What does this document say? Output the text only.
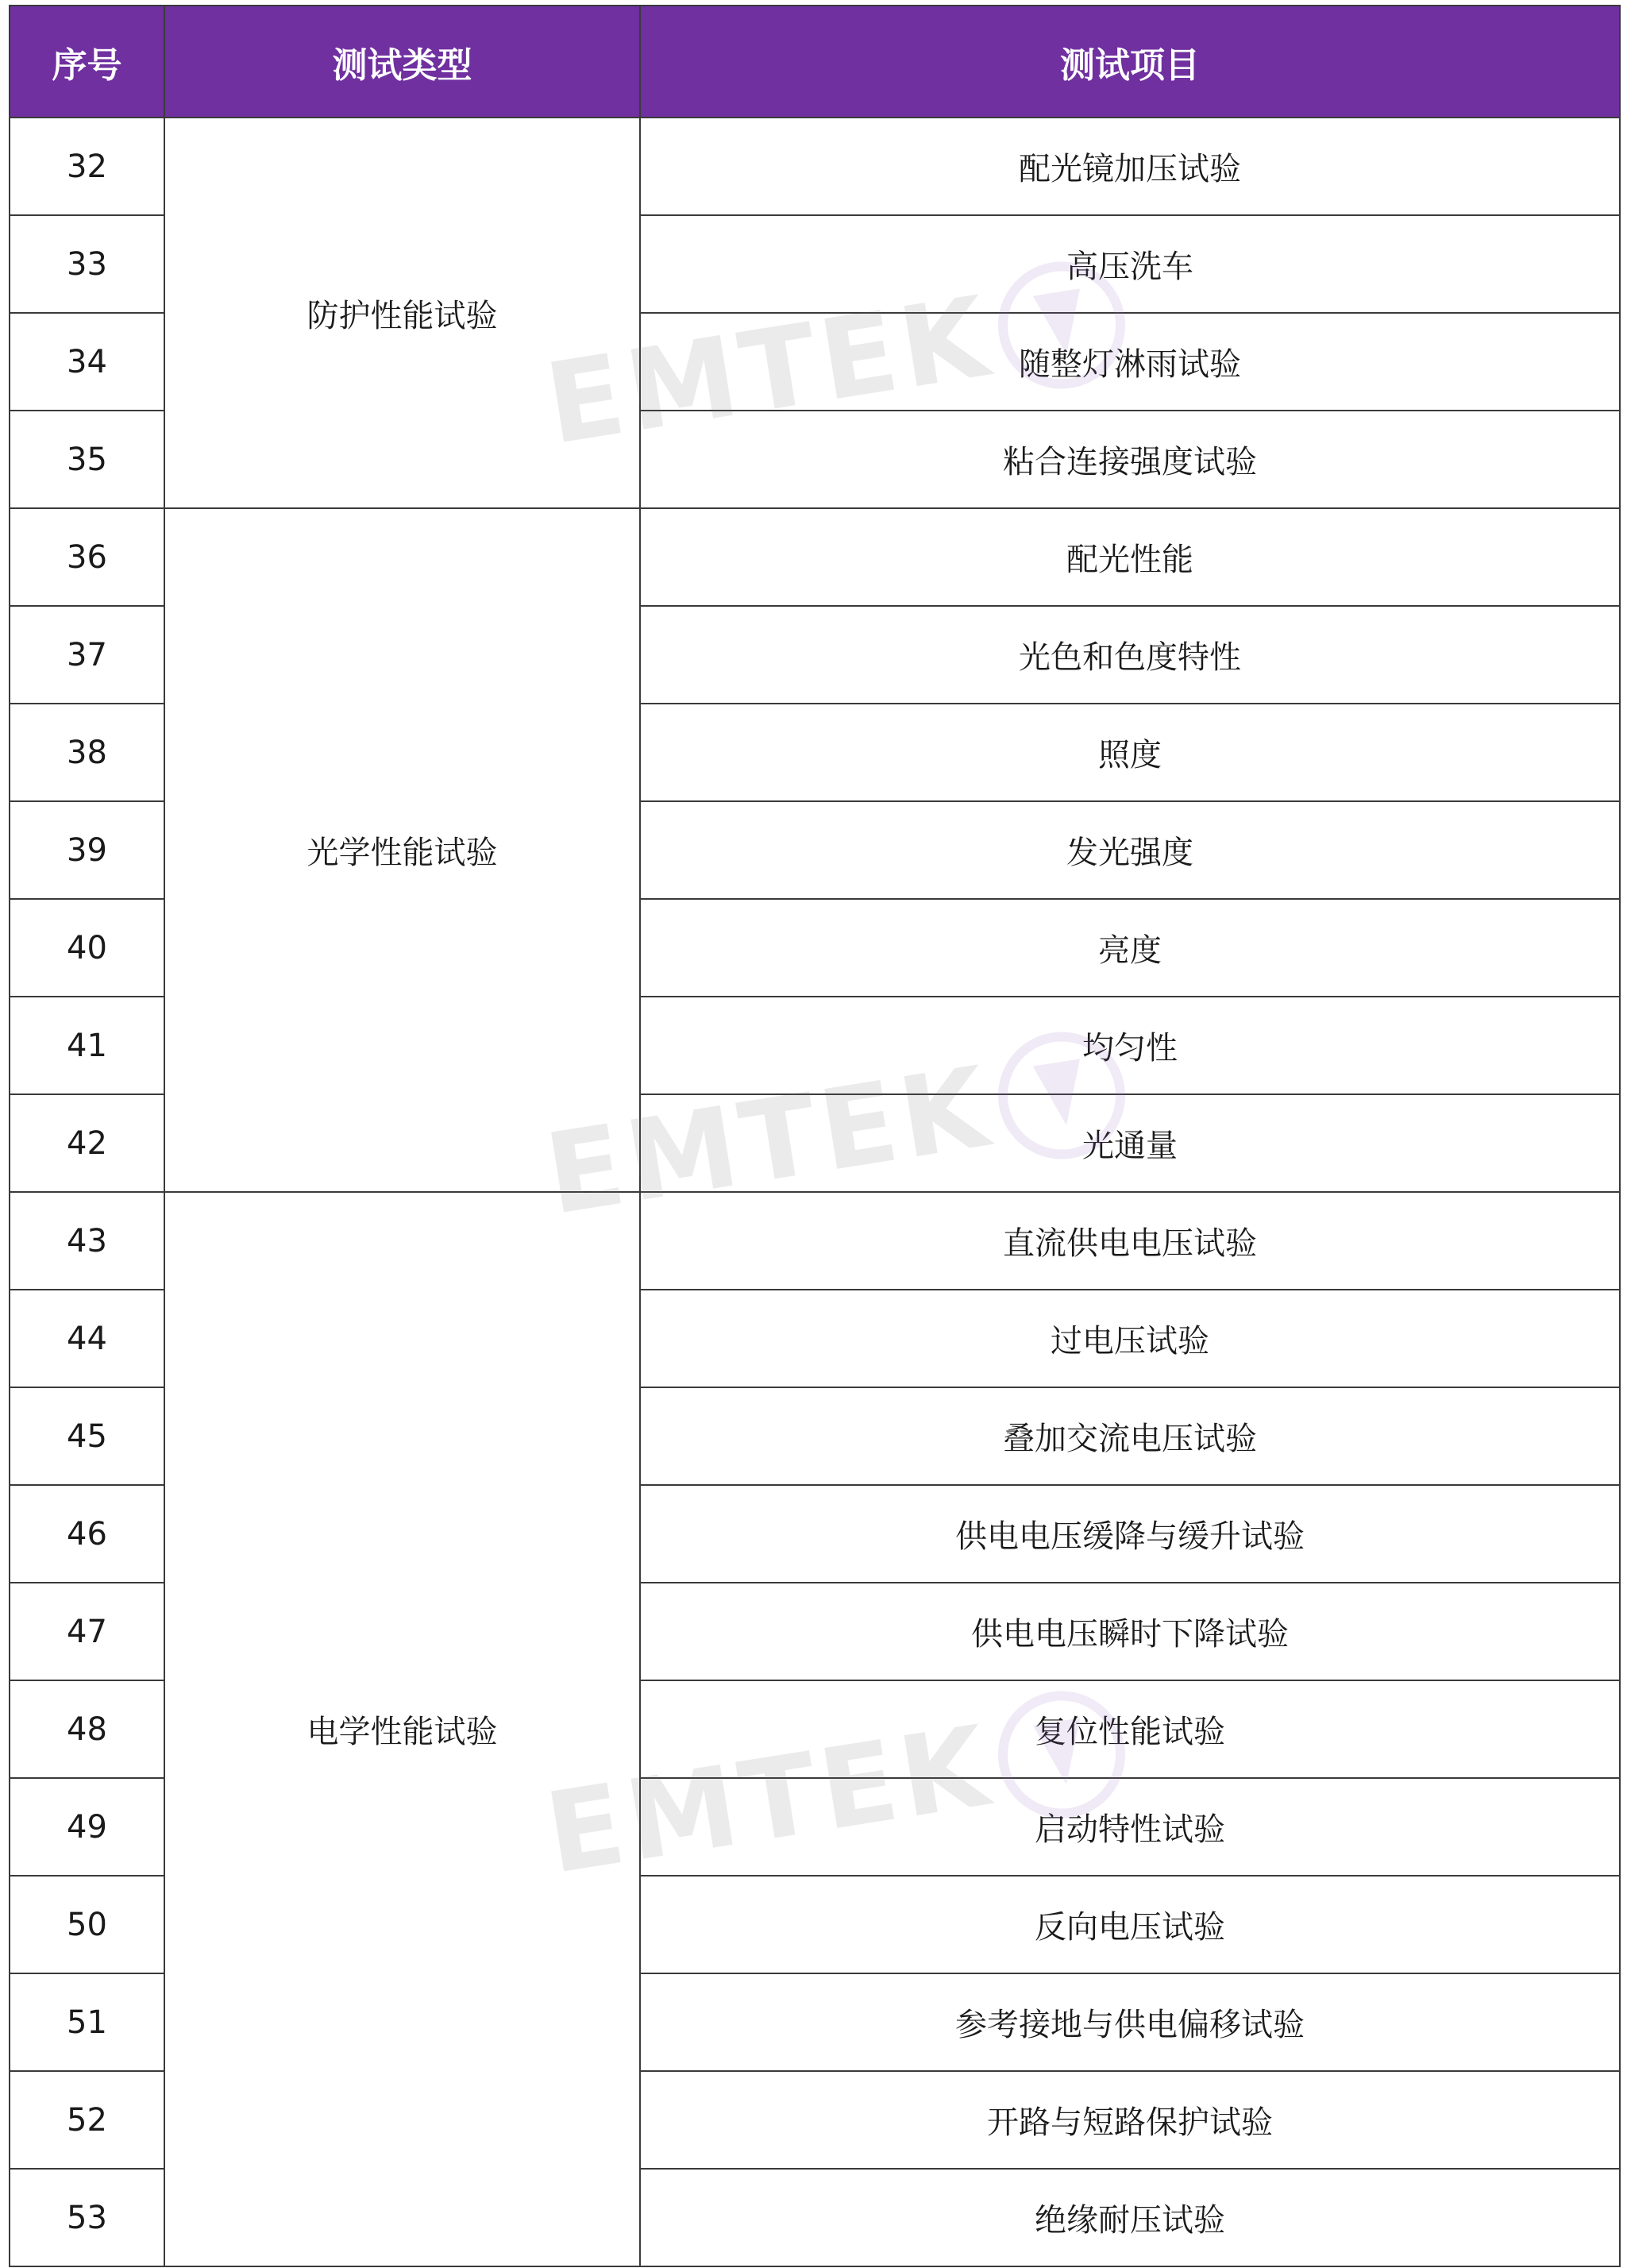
序号	测试类型	测试项目
32	防护性能试验	配光镜加压试验
33		高压洗车
34		随整灯淋雨试验
35		粘合连接强度试验
36	光学性能试验	配光性能
37		光色和色度特性
38		照度
39		发光强度
40		亮度
41		均匀性
42		光通量
43	电学性能试验	直流供电电压试验
44		过电压试验
45		叠加交流电压试验
46		供电电压缓降与缓升试验
47		供电电压瞬时下降试验
48		复位性能试验
49		启动特性试验
50		反向电压试验
51		参考接地与供电偏移试验
52		开路与短路保护试验
53		绝缘耐压试验
EMTEK
EMTEK
EMTEK
